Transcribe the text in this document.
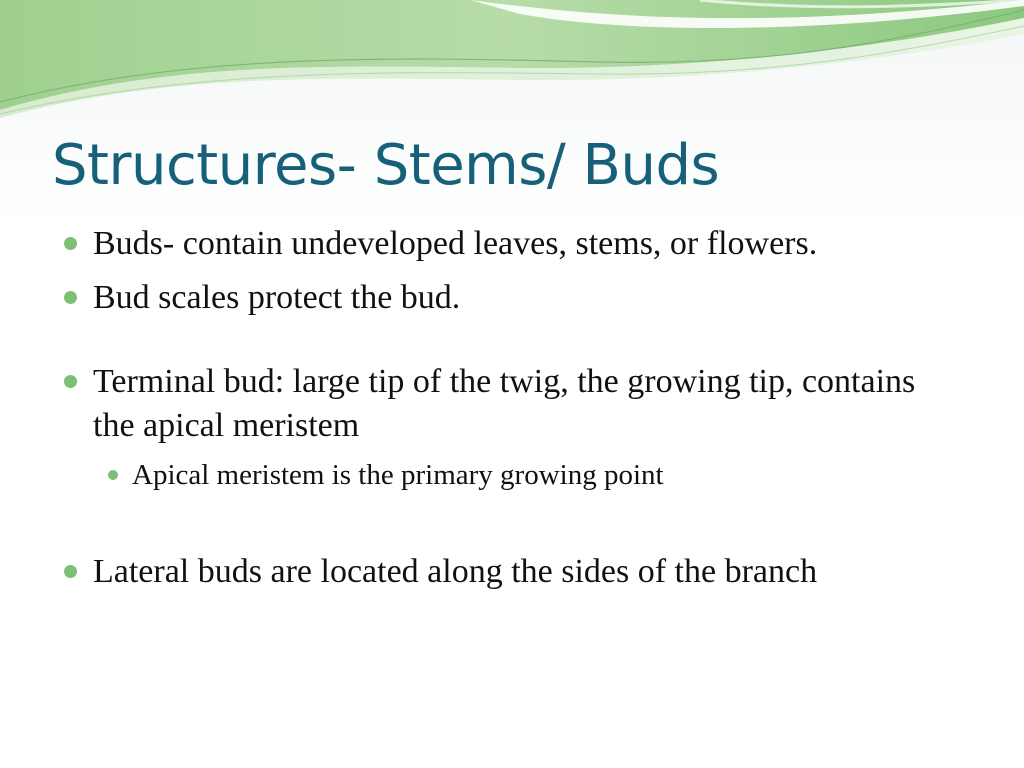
Structures- Stems/ Buds
Buds- contain undeveloped leaves, stems, or flowers.
Bud scales protect the bud.
Terminal bud: large tip of the twig, the growing tip, contains the apical meristem
Apical meristem is the primary growing point
Lateral buds are located along the sides of the branch
